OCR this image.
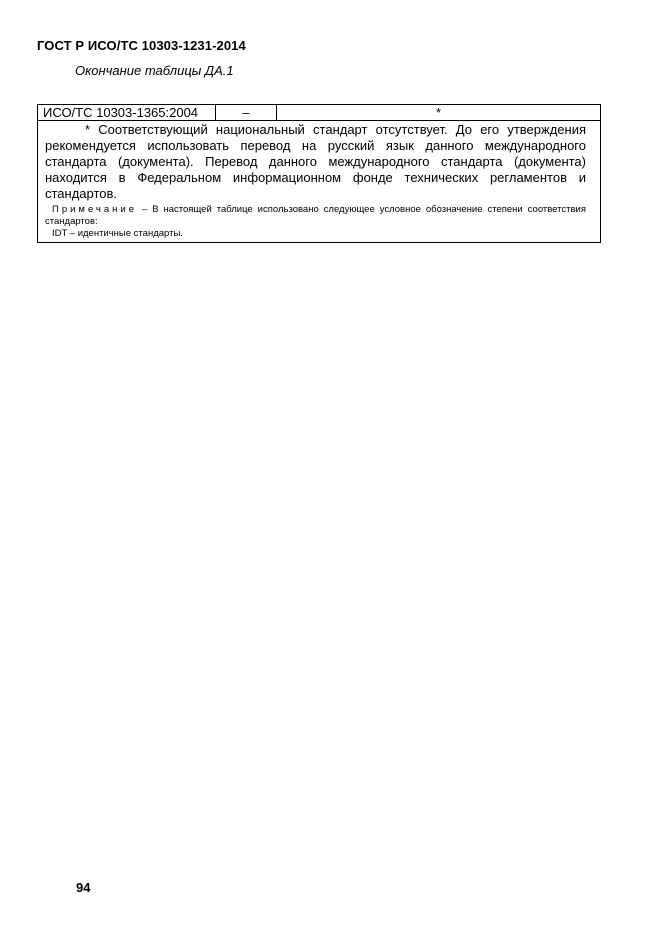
ГОСТ Р ИСО/ТС 10303-1231-2014
Окончание таблицы ДА.1
ИСО/ТС 10303-1365:2004	–	*

* Соответствующий национальный стандарт отсутствует. До его утверждения рекомендуется использовать перевод на русский язык данного международного стандарта (документа). Перевод данного международного стандарта (документа) находится в Федеральном информационном фонде технических регламентов и стандартов.

Примечание – В настоящей таблице использовано следующее условное обозначение степени соответствия стандартов:

IDT – идентичные стандарты.

94
